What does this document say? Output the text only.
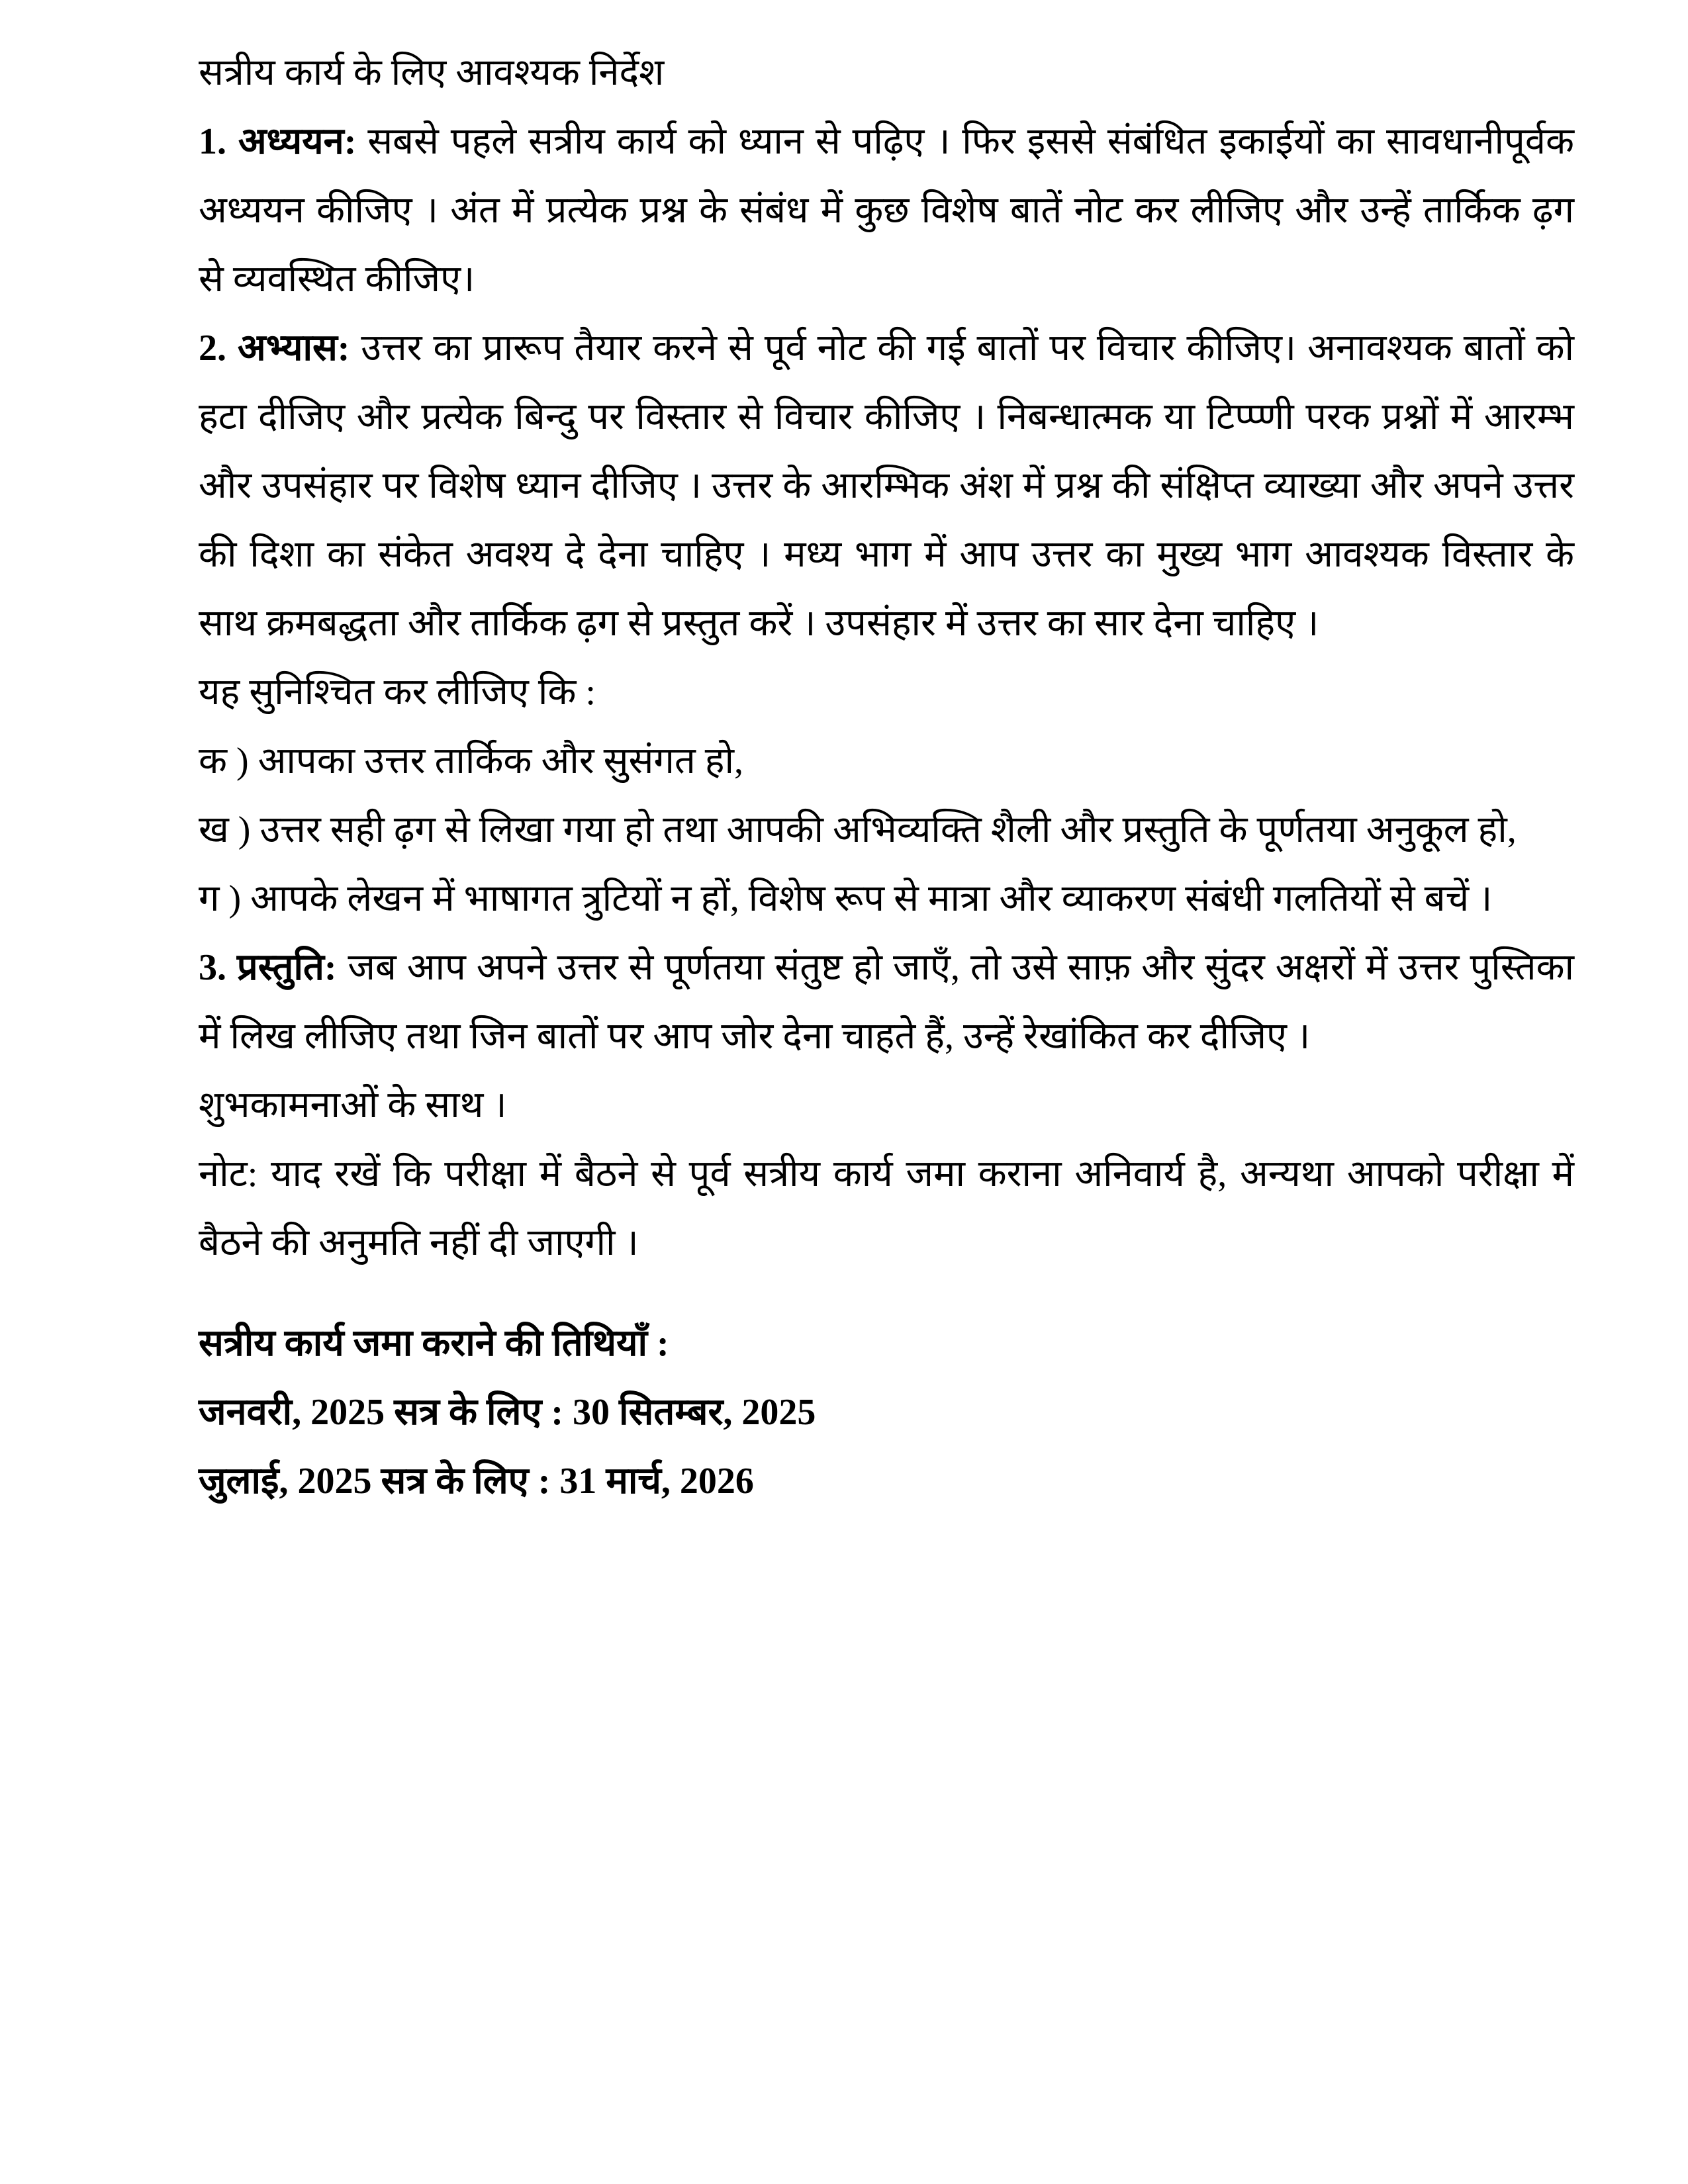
सत्रीय कार्य के लिए आवश्यक निर्देश
1. अध्ययन: सबसे पहले सत्रीय कार्य को ध्यान से पढ़िए । फिर इससे संबंधित इकाईयों का सावधानीपूर्वक
अध्ययन कीजिए । अंत में प्रत्येक प्रश्न के संबंध में कुछ विशेष बातें नोट कर लीजिए और उन्हें तार्किक ढ़ग
से व्यवस्थित कीजिए।
2. अभ्यास: उत्तर का प्रारूप तैयार करने से पूर्व नोट की गई बातों पर विचार कीजिए। अनावश्यक बातों को
हटा दीजिए और प्रत्येक बिन्दु पर विस्तार से विचार कीजिए । निबन्धात्मक या टिप्प्णी परक प्रश्नों में आरम्भ
और उपसंहार पर विशेष ध्यान दीजिए । उत्तर के आरम्भिक अंश में प्रश्न की संक्षिप्त व्याख्या और अपने उत्तर
की दिशा का संकेत अवश्य दे देना चाहिए । मध्य भाग में आप उत्तर का मुख्य भाग आवश्यक विस्तार के
साथ क्रमबद्धता और तार्किक ढ़ग से प्रस्तुत करें । उपसंहार में उत्तर का सार देना चाहिए ।
यह सुनिश्चित कर लीजिए कि :
क ) आपका उत्तर तार्किक और सुसंगत हो,
ख ) उत्तर सही ढ़ग से लिखा गया हो तथा आपकी अभिव्यक्ति शैली और प्रस्तुति के पूर्णतया अनुकूल हो,
ग ) आपके लेखन में भाषागत त्रुटियों न हों, विशेष रूप से मात्रा और व्याकरण संबंधी गलतियों से बचें ।
3. प्रस्तुति: जब आप अपने उत्तर से पूर्णतया संतुष्ट हो जाएँ, तो उसे साफ़ और सुंदर अक्षरों में उत्तर पुस्तिका
में लिख लीजिए तथा जिन बातों पर आप जोर देना चाहते हैं, उन्हें रेखांकित कर दीजिए ।
शुभकामनाओं के साथ ।
नोट: याद रखें कि परीक्षा में बैठने से पूर्व सत्रीय कार्य जमा कराना अनिवार्य है, अन्यथा आपको परीक्षा में
बैठने की अनुमति नहीं दी जाएगी ।
सत्रीय कार्य जमा कराने की तिथियाँ :
जनवरी, 2025 सत्र के लिए : 30 सितम्बर, 2025
जुलाई, 2025 सत्र के लिए : 31 मार्च, 2026
